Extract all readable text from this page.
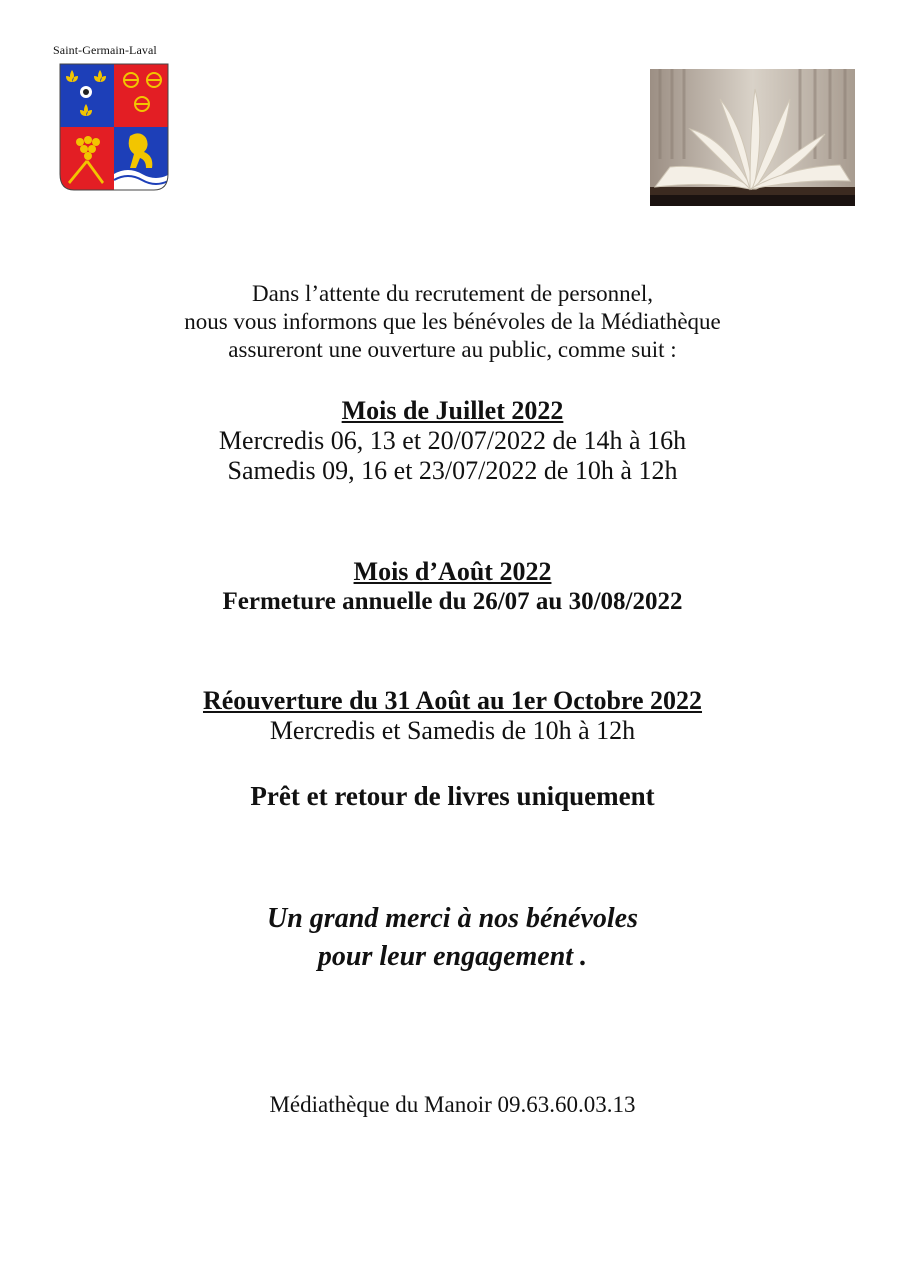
Saint-Germain-Laval
Dans l’attente du recrutement de personnel,
nous vous informons que les bénévoles de la Médiathèque
assureront une ouverture au public, comme suit :
Mois de Juillet 2022
Mercredis 06, 13 et 20/07/2022 de 14h à 16h
Samedis 09, 16 et 23/07/2022 de 10h à 12h
Mois d’Août 2022
Fermeture annuelle du 26/07 au 30/08/2022
Réouverture du 31 Août au 1er Octobre 2022
Mercredis et Samedis de 10h à 12h
Prêt et retour de livres uniquement
Un grand merci à nos bénévoles
pour leur engagement .
Médiathèque du Manoir 09.63.60.03.13
